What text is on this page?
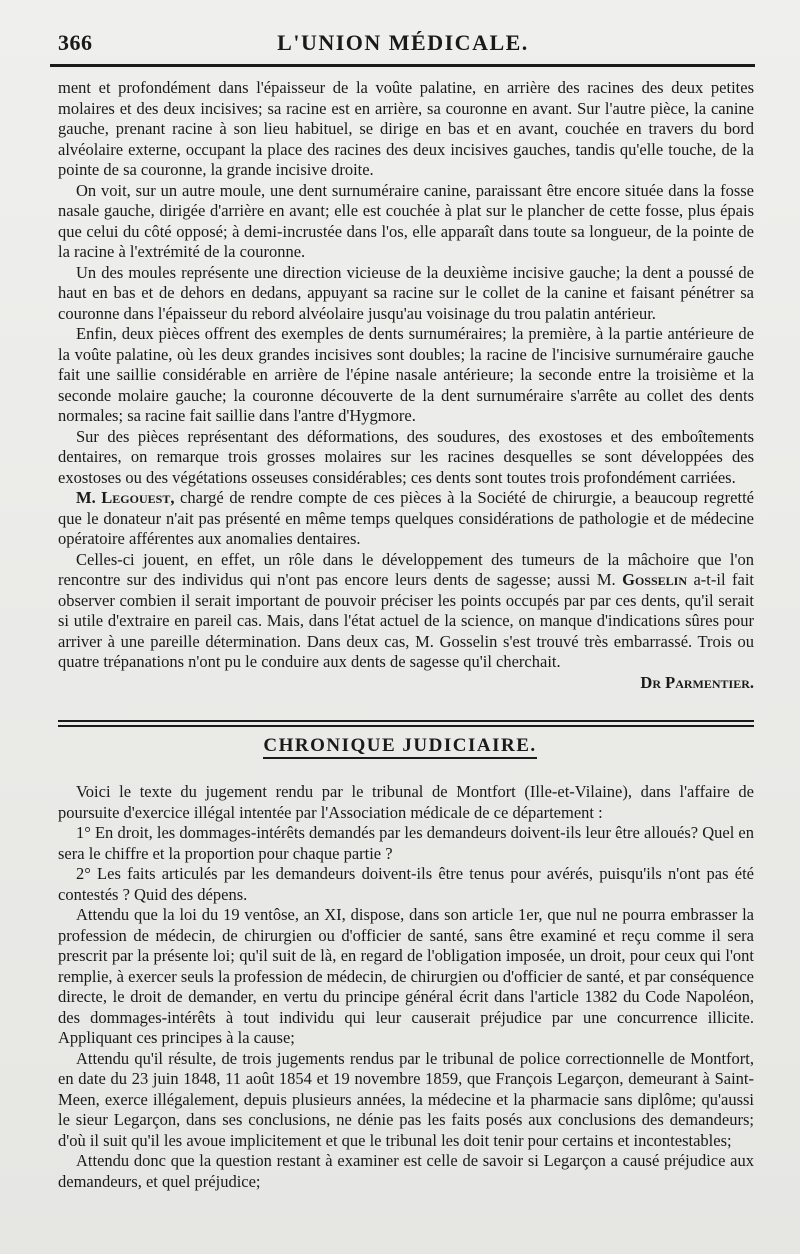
366	L'UNION MÉDICALE.

ment et profondément dans l'épaisseur de la voûte palatine, en arrière des racines des deux petites molaires et des deux incisives; sa racine est en arrière, sa couronne en avant. Sur l'autre pièce, la canine gauche, prenant racine à son lieu habituel, se dirige en bas et en avant, couchée en travers du bord alvéolaire externe, occupant la place des racines des deux incisives gauches, tandis qu'elle touche, de la pointe de sa couronne, la grande incisive droite.

On voit, sur un autre moule, une dent surnuméraire canine, paraissant être encore située dans la fosse nasale gauche, dirigée d'arrière en avant; elle est couchée à plat sur le plancher de cette fosse, plus épais que celui du côté opposé; à demi-incrustée dans l'os, elle apparaît dans toute sa longueur, de la pointe de la racine à l'extrémité de la couronne.

Un des moules représente une direction vicieuse de la deuxième incisive gauche; la dent a poussé de haut en bas et de dehors en dedans, appuyant sa racine sur le collet de la canine et faisant pénétrer sa couronne dans l'épaisseur du rebord alvéolaire jusqu'au voisinage du trou palatin antérieur.

Enfin, deux pièces offrent des exemples de dents surnuméraires; la première, à la partie antérieure de la voûte palatine, où les deux grandes incisives sont doubles; la racine de l'incisive surnuméraire gauche fait une saillie considérable en arrière de l'épine nasale antérieure; la seconde entre la troisième et la seconde molaire gauche; la couronne découverte de la dent surnuméraire s'arrête au collet des dents normales; sa racine fait saillie dans l'antre d'Hygmore.

Sur des pièces représentant des déformations, des soudures, des exostoses et des emboîtements dentaires, on remarque trois grosses molaires sur les racines desquelles se sont développées des exostoses ou des végétations osseuses considérables; ces dents sont toutes trois profondément carriées.

M. Legouest, chargé de rendre compte de ces pièces à la Société de chirurgie, a beaucoup regretté que le donateur n'ait pas présenté en même temps quelques considérations de pathologie et de médecine opératoire afférentes aux anomalies dentaires.

Celles-ci jouent, en effet, un rôle dans le développement des tumeurs de la mâchoire que l'on rencontre sur des individus qui n'ont pas encore leurs dents de sagesse; aussi M. Gosselin a-t-il fait observer combien il serait important de pouvoir préciser les points occupés par par ces dents, qu'il serait si utile d'extraire en pareil cas. Mais, dans l'état actuel de la science, on manque d'indications sûres pour arriver à une pareille détermination. Dans deux cas, M. Gosselin s'est trouvé très embarrassé. Trois ou quatre trépanations n'ont pu le conduire aux dents de sagesse qu'il cherchait.

Dr Parmentier.
CHRONIQUE JUDICIAIRE.

Voici le texte du jugement rendu par le tribunal de Montfort (Ille-et-Vilaine), dans l'affaire de poursuite d'exercice illégal intentée par l'Association médicale de ce département :

1° En droit, les dommages-intérêts demandés par les demandeurs doivent-ils leur être alloués? Quel en sera le chiffre et la proportion pour chaque partie ?

2° Les faits articulés par les demandeurs doivent-ils être tenus pour avérés, puisqu'ils n'ont pas été contestés ? Quid des dépens.

Attendu que la loi du 19 ventôse, an XI, dispose, dans son article 1er, que nul ne pourra embrasser la profession de médecin, de chirurgien ou d'officier de santé, sans être examiné et reçu comme il sera prescrit par la présente loi; qu'il suit de là, en regard de l'obligation imposée, un droit, pour ceux qui l'ont remplie, à exercer seuls la profession de médecin, de chirurgien ou d'officier de santé, et par conséquence directe, le droit de demander, en vertu du principe général écrit dans l'article 1382 du Code Napoléon, des dommages-intérêts à tout individu qui leur causerait préjudice par une concurrence illicite. Appliquant ces principes à la cause;

Attendu qu'il résulte, de trois jugements rendus par le tribunal de police correctionnelle de Montfort, en date du 23 juin 1848, 11 août 1854 et 19 novembre 1859, que François Legarçon, demeurant à Saint-Meen, exerce illégalement, depuis plusieurs années, la médecine et la pharmacie sans diplôme; qu'aussi le sieur Legarçon, dans ses conclusions, ne dénie pas les faits posés aux conclusions des demandeurs; d'où il suit qu'il les avoue implicitement et que le tribunal les doit tenir pour certains et incontestables;

Attendu donc que la question restant à examiner est celle de savoir si Legarçon a causé préjudice aux demandeurs, et quel préjudice;
